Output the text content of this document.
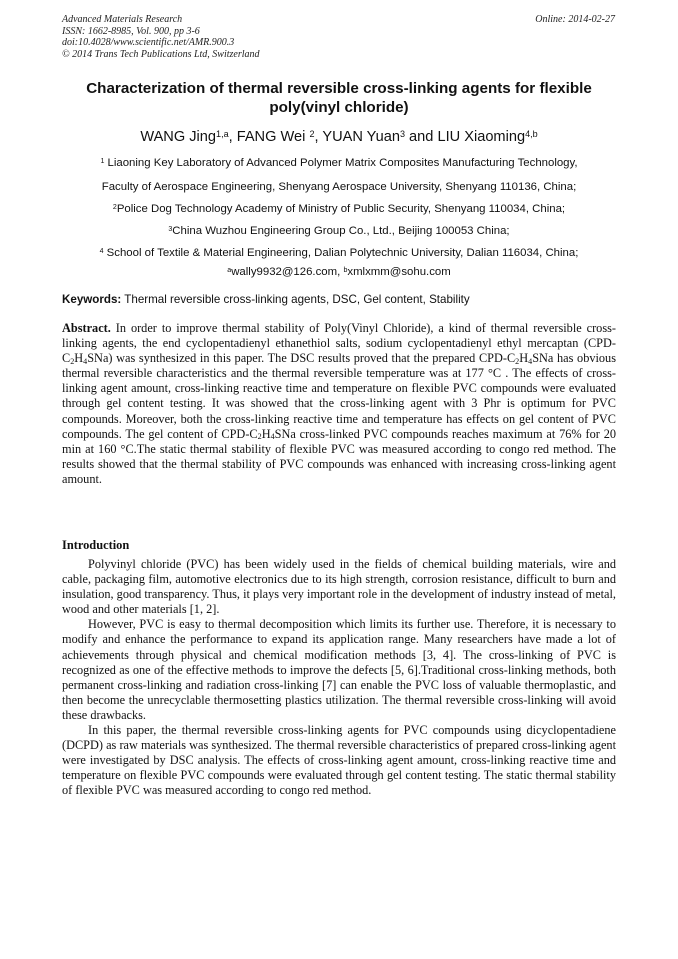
Advanced Materials Research
ISSN: 1662-8985, Vol. 900, pp 3-6
doi:10.4028/www.scientific.net/AMR.900.3
© 2014 Trans Tech Publications Ltd, Switzerland
Online: 2014-02-27
Characterization of thermal reversible cross-linking agents for flexible poly(vinyl chloride)
WANG Jing$^{1,a}$, FANG Wei $^2$, YUAN Yuan$^3$ and LIU Xiaoming$^{4,b}$
$^1$ Liaoning Key Laboratory of Advanced Polymer Matrix Composites Manufacturing Technology,
Faculty of Aerospace Engineering, Shenyang Aerospace University, Shenyang 110136, China;
$^2$Police Dog Technology Academy of Ministry of Public Security, Shenyang 110034, China;
$^3$China Wuzhou Engineering Group Co., Ltd., Beijing 100053 China;
$^4$ School of Textile & Material Engineering, Dalian Polytechnic University, Dalian 116034, China;
$^a$wally9932@126.com, $^b$xmlxmm@sohu.com
Keywords: Thermal reversible cross-linking agents, DSC, Gel content, Stability
Abstract. In order to improve thermal stability of Poly(Vinyl Chloride), a kind of thermal reversible cross-linking agents, the end cyclopentadienyl ethanethiol salts, sodium cyclopentadienyl ethyl mercaptan $(CPD-C_2H_4SNa)$ was synthesized in this paper. The DSC results proved that the prepared CPD-$C_2H_4SNa$ has obvious thermal reversible characteristics and the thermal reversible temperature was at 177 °C . The effects of cross-linking agent amount, cross-linking reactive time and temperature on flexible PVC compounds were evaluated through gel content testing. It was showed that the cross-linking agent with 3 Phr is optimum for PVC compounds. Moreover, both the cross-linking reactive time and temperature has effects on gel content of PVC compounds. The gel content of CPD-$C_2H_4SNa$ cross-linked PVC compounds reaches maximum at 76% for 20 min at 160 °C.The static thermal stability of flexible PVC was measured according to congo red method. The results showed that the thermal stability of PVC compounds was enhanced with increasing cross-linking agent amount.
Introduction

Polyvinyl chloride (PVC) has been widely used in the fields of chemical building materials, wire and cable, packaging film, automotive electronics due to its high strength, corrosion resistance, difficult to burn and insulation, good transparency. Thus, it plays very important role in the development of industry instead of metal, wood and other materials [1, 2].

However, PVC is easy to thermal decomposition which limits its further use. Therefore, it is necessary to modify and enhance the performance to expand its application range. Many researchers have made a lot of achievements through physical and chemical modification methods [3, 4]. The cross-linking of PVC is recognized as one of the effective methods to improve the defects [5, 6].Traditional cross-linking methods, both permanent cross-linking and radiation cross-linking [7] can enable the PVC loss of valuable thermoplastic, and then become the unrecyclable thermosetting plastics utilization. The thermal reversible cross-linking will avoid these drawbacks.

In this paper, the thermal reversible cross-linking agents for PVC compounds using dicyclopentadiene (DCPD) as raw materials was synthesized. The thermal reversible characteristics of prepared cross-linking agent were investigated by DSC analysis. The effects of cross-linking agent amount, cross-linking reactive time and temperature on flexible PVC compounds were evaluated through gel content testing. The static thermal stability of flexible PVC was measured according to congo red method.
